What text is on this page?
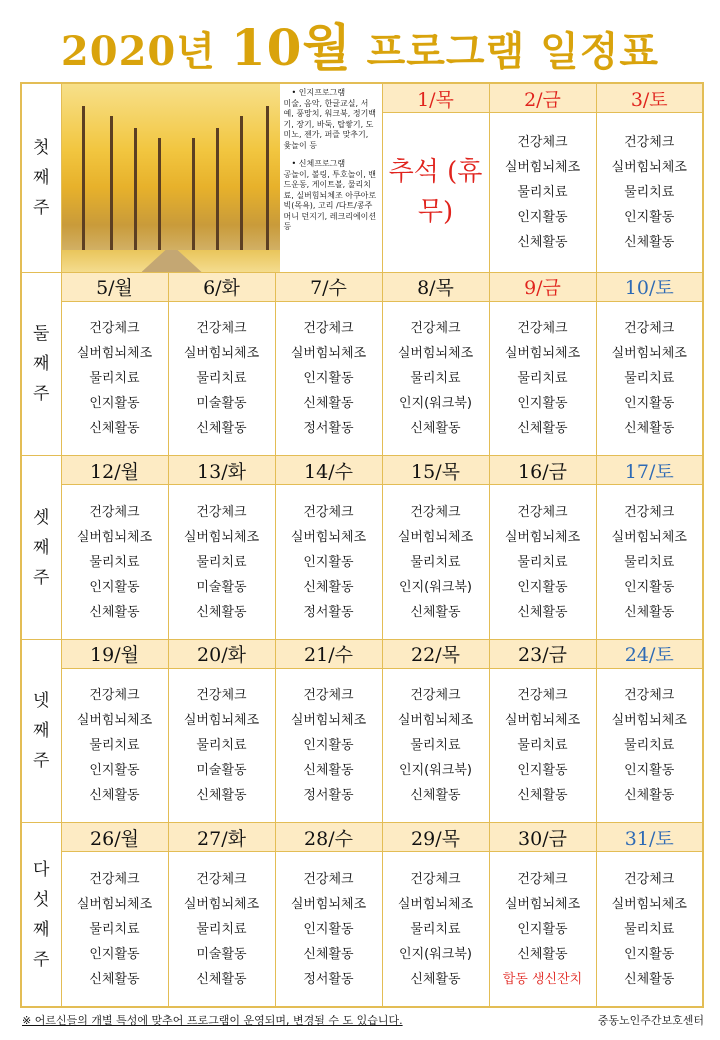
2020년 10월 프로그램 일정표
첫
째
주	• 인지프로그램
미술, 음악, 한글교실, 서예, 풍망치, 워크북, 정기백기, 장기, 바둑, 탑쌓기, 도미노, 젠가, 퍼즐 맞추기, 윷놀이 등
• 신체프로그램
공놀이, 볼링, 투호놀이, 밴드운동, 게이트볼, 물리치료, 실버힘뇌체조 아쿠아로빅(목욕), 고리 /다트/콩주머니 던지기, 레크리에이션 등			1/목	2/금	3/토
				추석 (휴무)	건강체크
실버힘뇌체조
물리치료
인지활동
신체활동	건강체크
실버힘뇌체조
물리치료
인지활동
신체활동

둘
째
주	5/월	6/화	7/수	8/목	9/금	10/토

	건강체크
실버힘뇌체조
물리치료
인지활동
신체활동	건강체크
실버힘뇌체조
물리치료
미술활동
신체활동	건강체크
실버힘뇌체조
인지활동
신체활동
정서활동	건강체크
실버힘뇌체조
물리치료
인지(워크북)
신체활동	건강체크
실버힘뇌체조
물리치료
인지활동
신체활동	건강체크
실버힘뇌체조
물리치료
인지활동
신체활동

셋
째
주	12/월	13/화	14/수	15/목	16/금	17/토

	건강체크
실버힘뇌체조
물리치료
인지활동
신체활동	건강체크
실버힘뇌체조
물리치료
미술활동
신체활동	건강체크
실버힘뇌체조
인지활동
신체활동
정서활동	건강체크
실버힘뇌체조
물리치료
인지(워크북)
신체활동	건강체크
실버힘뇌체조
물리치료
인지활동
신체활동	건강체크
실버힘뇌체조
물리치료
인지활동
신체활동

넷
째
주	19/월	20/화	21/수	22/목	23/금	24/토

	건강체크
실버힘뇌체조
물리치료
인지활동
신체활동	건강체크
실버힘뇌체조
물리치료
미술활동
신체활동	건강체크
실버힘뇌체조
인지활동
신체활동
정서활동	건강체크
실버힘뇌체조
물리치료
인지(워크북)
신체활동	건강체크
실버힘뇌체조
물리치료
인지활동
신체활동	건강체크
실버힘뇌체조
물리치료
인지활동
신체활동

다
섯
째
주	26/월	27/화	28/수	29/목	30/금	31/토

	건강체크
실버힘뇌체조
물리치료
인지활동
신체활동	건강체크
실버힘뇌체조
물리치료
미술활동
신체활동	건강체크
실버힘뇌체조
인지활동
신체활동
정서활동	건강체크
실버힘뇌체조
물리치료
인지(워크북)
신체활동	건강체크
실버힘뇌체조
인지활동
신체활동
합동 생신잔치	건강체크
실버힘뇌체조
물리치료
인지활동
신체활동
※ 어르신들의 개별 특성에 맞추어 프로그램이 운영되며, 변경될 수 도 있습니다.	중동노인주간보호센터
